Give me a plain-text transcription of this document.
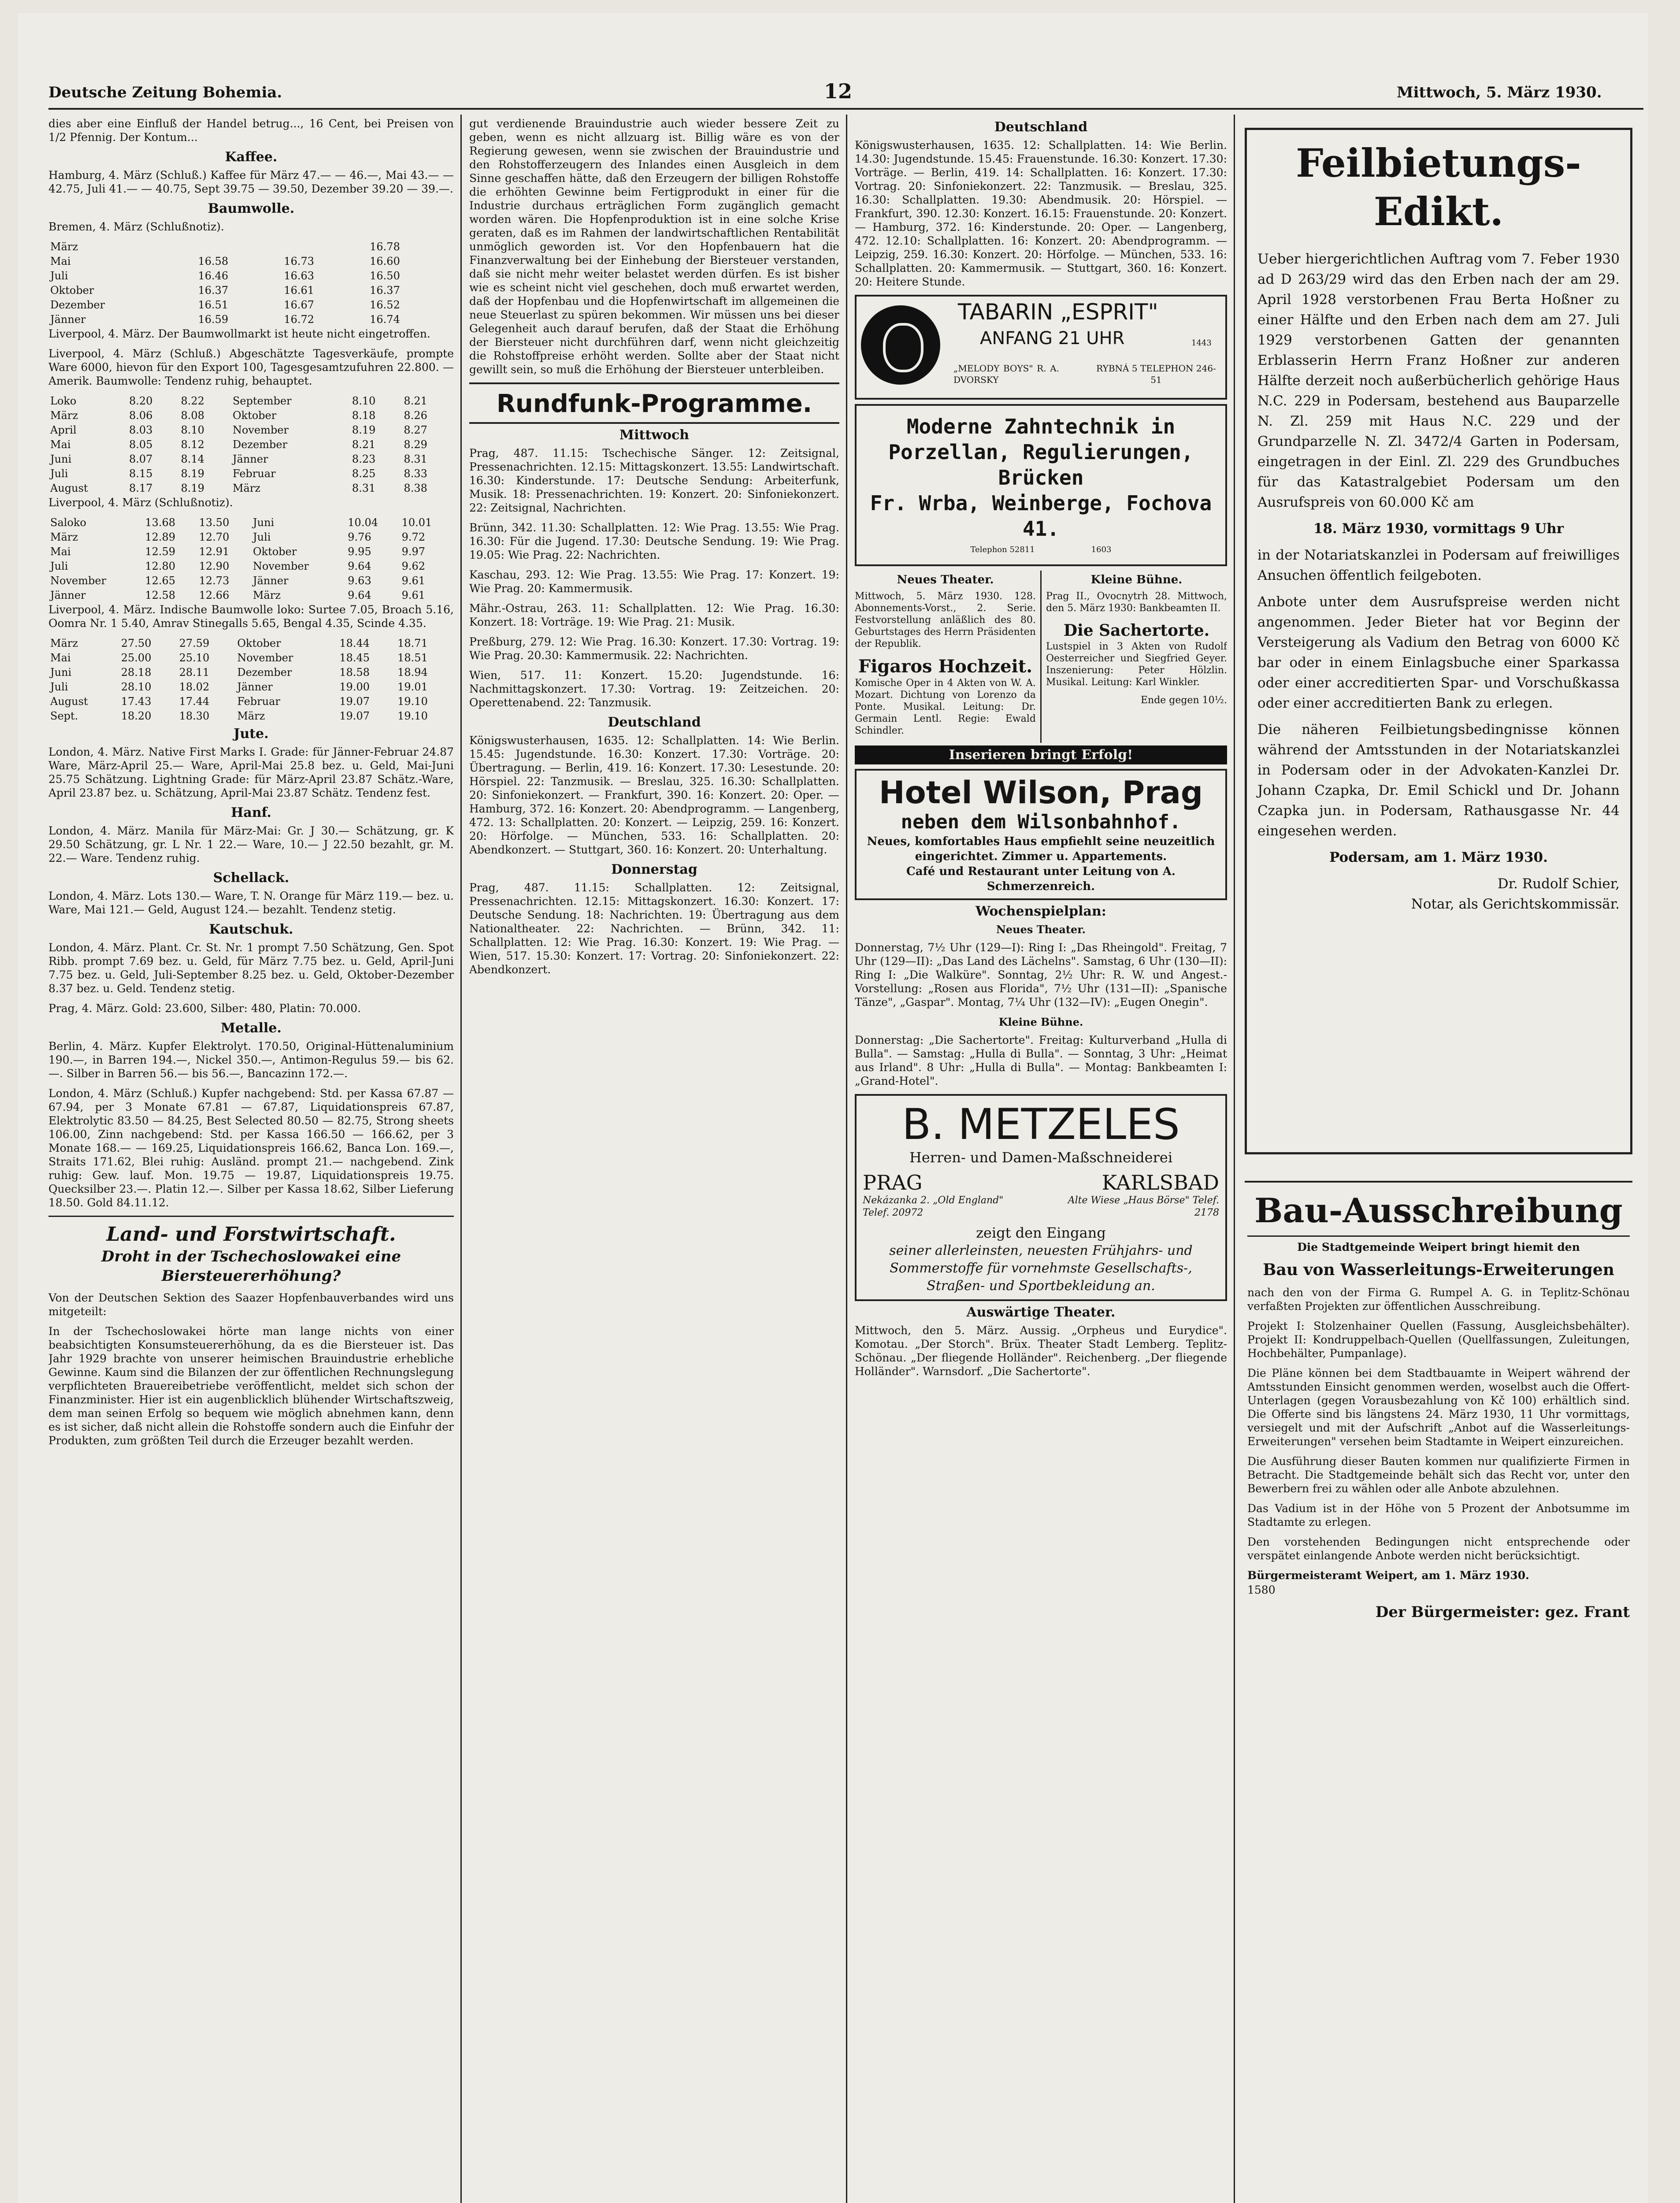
Deutsche Zeitung Bohemia.	12	Mittwoch, 5. März 1930.

dies aber eine Einfluß der Handel betrug..., 16 Cent, bei Preisen von 1/2 Pfennig. Der Kontum...

Kaffee.

Hamburg, 4. März (Schluß.) Kaffee für März 47.— — 46.—, Mai 43.— — 42.75, Juli 41.— — 40.75, Sept 39.75 — 39.50, Dezember 39.20 — 39.—.

Baumwolle.

Bremen, 4. März (Schlußnotiz).

März			16.78
Mai	16.58	16.73	16.60
Juli	16.46	16.63	16.50
Oktober	16.37	16.61	16.37
Dezember	16.51	16.67	16.52
Jänner	16.59	16.72	16.74

Liverpool, 4. März. Der Baumwollmarkt ist heute nicht eingetroffen.

Liverpool, 4. März (Schluß.) Abgeschätzte Tagesverkäufe, prompte Ware 6000, hievon für den Export 100, Tagesgesamtzufuhren 22.800. — Amerik. Baumwolle: Tendenz ruhig, behauptet.

Loko	8.20	8.22	September	8.10	8.21
März	8.06	8.08	Oktober	8.18	8.26
April	8.03	8.10	November	8.19	8.27
Mai	8.05	8.12	Dezember	8.21	8.29
Juni	8.07	8.14	Jänner	8.23	8.31
Juli	8.15	8.19	Februar	8.25	8.33
August	8.17	8.19	März	8.31	8.38

Liverpool, 4. März (Schlußnotiz).

Saloko	13.68	13.50	Juni	10.04	10.01
März	12.89	12.70	Juli	9.76	9.72
Mai	12.59	12.91	Oktober	9.95	9.97
Juli	12.80	12.90	November	9.64	9.62
November	12.65	12.73	Jänner	9.63	9.61
Jänner	12.58	12.66	März	9.64	9.61

Liverpool, 4. März. Indische Baumwolle loko: Surtee 7.05, Broach 5.16, Oomra Nr. 1 5.40, Amrav Stinegalls 5.65, Bengal 4.35, Scinde 4.35.

März	27.50	27.59	Oktober	18.44	18.71
Mai	25.00	25.10	November	18.45	18.51
Juni	28.18	28.11	Dezember	18.58	18.94
Juli	28.10	18.02	Jänner	19.00	19.01
August	17.43	17.44	Februar	19.07	19.10
Sept.	18.20	18.30	März	19.07	19.10
Jute.

London, 4. März. Native First Marks I. Grade: für Jänner-Februar 24.87 Ware, März-April 25.— Ware, April-Mai 25.8 bez. u. Geld, Mai-Juni 25.75 Schätzung. Lightning Grade: für März-April 23.87 Schätz.-Ware, April 23.87 bez. u. Schätzung, April-Mai 23.87 Schätz. Tendenz fest.

Hanf.

London, 4. März. Manila für März-Mai: Gr. J 30.— Schätzung, gr. K 29.50 Schätzung, gr. L Nr. 1 22.— Ware, 10.— J 22.50 bezahlt, gr. M. 22.— Ware. Tendenz ruhig.

Schellack.

London, 4. März. Lots 130.— Ware, T. N. Orange für März 119.— bez. u. Ware, Mai 121.— Geld, August 124.— bezahlt. Tendenz stetig.

Kautschuk.

London, 4. März. Plant. Cr. St. Nr. 1 prompt 7.50 Schätzung, Gen. Spot Ribb. prompt 7.69 bez. u. Geld, für März 7.75 bez. u. Geld, April-Juni 7.75 bez. u. Geld, Juli-September 8.25 bez. u. Geld, Oktober-Dezember 8.37 bez. u. Geld. Tendenz stetig.

Prag, 4. März. Gold: 23.600, Silber: 480, Platin: 70.000.

Metalle.

Berlin, 4. März. Kupfer Elektrolyt. 170.50, Original-Hüttenaluminium 190.—, in Barren 194.—, Nickel 350.—, Antimon-Regulus 59.— bis 62.—. Silber in Barren 56.— bis 56.—, Bancazinn 172.—.

London, 4. März (Schluß.) Kupfer nachgebend: Std. per Kassa 67.87 — 67.94, per 3 Monate 67.81 — 67.87, Liquidationspreis 67.87, Elektrolytic 83.50 — 84.25, Best Selected 80.50 — 82.75, Strong sheets 106.00, Zinn nachgebend: Std. per Kassa 166.50 — 166.62, per 3 Monate 168.— — 169.25, Liquidationspreis 166.62, Banca Lon. 169.—, Straits 171.62, Blei ruhig: Ausländ. prompt 21.— nachgebend. Zink ruhig: Gew. lauf. Mon. 19.75 — 19.87, Liquidationspreis 19.75. Quecksilber 23.—. Platin 12.—. Silber per Kassa 18.62, Silber Lieferung 18.50. Gold 84.11.12.

Land- und Forstwirtschaft.
Droht in der Tschechoslowakei eine Biersteuererhöhung?

Von der Deutschen Sektion des Saazer Hopfenbauverbandes wird uns mitgeteilt:

In der Tschechoslowakei hörte man lange nichts von einer beabsichtigten Konsumsteuererhöhung, da es die Biersteuer ist. Das Jahr 1929 brachte von unserer heimischen Brauindustrie erhebliche Gewinne. Kaum sind die Bilanzen der zur öffentlichen Rechnungslegung verpflichteten Brauereibetriebe veröffentlicht, meldet sich schon der Finanzminister. Hier ist ein augenblicklich blühender Wirtschaftszweig, dem man seinen Erfolg so bequem wie möglich abnehmen kann, denn es ist sicher, daß nicht allein die Rohstoffe sondern auch die Einfuhr der Produkten, zum größten Teil durch die Erzeuger bezahlt werden.

gut verdienende Brauindustrie auch wieder bessere Zeit zu geben, wenn es nicht allzuarg ist. Billig wäre es von der Regierung gewesen, wenn sie zwischen der Brauindustrie und den Rohstofferzeugern des Inlandes einen Ausgleich in dem Sinne geschaffen hätte, daß den Erzeugern der billigen Rohstoffe die erhöhten Gewinne beim Fertigprodukt in einer für die Industrie durchaus erträglichen Form zugänglich gemacht worden wären. Die Hopfenproduktion ist in eine solche Krise geraten, daß es im Rahmen der landwirtschaftlichen Rentabilität unmöglich geworden ist. Vor den Hopfenbauern hat die Finanzverwaltung bei der Einhebung der Biersteuer verstanden, daß sie nicht mehr weiter belastet werden dürfen. Es ist bisher wie es scheint nicht viel geschehen, doch muß erwartet werden, daß der Hopfenbau und die Hopfenwirtschaft im allgemeinen die neue Steuerlast zu spüren bekommen. Wir müssen uns bei dieser Gelegenheit auch darauf berufen, daß der Staat die Erhöhung der Biersteuer nicht durchführen darf, wenn nicht gleichzeitig die Rohstoffpreise erhöht werden. Sollte aber der Staat nicht gewillt sein, so muß die Erhöhung der Biersteuer unterbleiben.

Rundfunk-Programme.
Mittwoch

Prag, 487. 11.15: Tschechische Sänger. 12: Zeitsignal, Pressenachrichten. 12.15: Mittagskonzert. 13.55: Landwirtschaft. 16.30: Kinderstunde. 17: Deutsche Sendung: Arbeiterfunk, Musik. 18: Pressenachrichten. 19: Konzert. 20: Sinfoniekonzert. 22: Zeitsignal, Nachrichten.

Brünn, 342. 11.30: Schallplatten. 12: Wie Prag. 13.55: Wie Prag. 16.30: Für die Jugend. 17.30: Deutsche Sendung. 19: Wie Prag. 19.05: Wie Prag. 22: Nachrichten.

Kaschau, 293. 12: Wie Prag. 13.55: Wie Prag. 17: Konzert. 19: Wie Prag. 20: Kammermusik.

Mähr.-Ostrau, 263. 11: Schallplatten. 12: Wie Prag. 16.30: Konzert. 18: Vorträge. 19: Wie Prag. 21: Musik.

Preßburg, 279. 12: Wie Prag. 16.30: Konzert. 17.30: Vortrag. 19: Wie Prag. 20.30: Kammermusik. 22: Nachrichten.

Wien, 517. 11: Konzert. 15.20: Jugendstunde. 16: Nachmittagskonzert. 17.30: Vortrag. 19: Zeitzeichen. 20: Operettenabend. 22: Tanzmusik.

Deutschland

Königswusterhausen, 1635. 12: Schallplatten. 14: Wie Berlin. 15.45: Jugendstunde. 16.30: Konzert. 17.30: Vorträge. 20: Übertragung. — Berlin, 419. 16: Konzert. 17.30: Lesestunde. 20: Hörspiel. 22: Tanzmusik. — Breslau, 325. 16.30: Schallplatten. 20: Sinfoniekonzert. — Frankfurt, 390. 16: Konzert. 20: Oper. — Hamburg, 372. 16: Konzert. 20: Abendprogramm. — Langenberg, 472. 13: Schallplatten. 20: Konzert. — Leipzig, 259. 16: Konzert. 20: Hörfolge. — München, 533. 16: Schallplatten. 20: Abendkonzert. — Stuttgart, 360. 16: Konzert. 20: Unterhaltung.

Donnerstag

Prag, 487. 11.15: Schallplatten. 12: Zeitsignal, Pressenachrichten. 12.15: Mittagskonzert. 16.30: Konzert. 17: Deutsche Sendung. 18: Nachrichten. 19: Übertragung aus dem Nationaltheater. 22: Nachrichten. — Brünn, 342. 11: Schallplatten. 12: Wie Prag. 16.30: Konzert. 19: Wie Prag. — Wien, 517. 15.30: Konzert. 17: Vortrag. 20: Sinfoniekonzert. 22: Abendkonzert.

Deutschland

Königswusterhausen, 1635. 12: Schallplatten. 14: Wie Berlin. 14.30: Jugendstunde. 15.45: Frauenstunde. 16.30: Konzert. 17.30: Vorträge. — Berlin, 419. 14: Schallplatten. 16: Konzert. 17.30: Vortrag. 20: Sinfoniekonzert. 22: Tanzmusik. — Breslau, 325. 16.30: Schallplatten. 19.30: Abendmusik. 20: Hörspiel. — Frankfurt, 390. 12.30: Konzert. 16.15: Frauenstunde. 20: Konzert. — Hamburg, 372. 16: Kinderstunde. 20: Oper. — Langenberg, 472. 12.10: Schallplatten. 16: Konzert. 20: Abendprogramm. — Leipzig, 259. 16.30: Konzert. 20: Hörfolge. — München, 533. 16: Schallplatten. 20: Kammermusik. — Stuttgart, 360. 16: Konzert. 20: Heitere Stunde.

TABARIN „ESPRIT"
ANFANG 21 UHR	1443
„MELODY BOYS" R. A. DVORSKY
RYBNÁ 5 TELEPHON 246-51
Moderne Zahntechnik in Porzellan, Regulierungen, Brücken
Fr. Wrba, Weinberge, Fochova 41.
Telephon 52811	1603
Neues Theater.

Mittwoch, 5. März 1930. 128. Abonnements-Vorst., 2. Serie. Festvorstellung anläßlich des 80. Geburtstages des Herrn Präsidenten der Republik.

Figaros Hochzeit.

Komische Oper in 4 Akten von W. A. Mozart. Dichtung von Lorenzo da Ponte. Musikal. Leitung: Dr. Germain Lentl. Regie: Ewald Schindler.

Kleine Bühne.

Prag II., Ovocnytrh 28. Mittwoch, den 5. März 1930: Bankbeamten II.

Die Sachertorte.

Lustspiel in 3 Akten von Rudolf Oesterreicher und Siegfried Geyer. Inszenierung: Peter Hölzlin. Musikal. Leitung: Karl Winkler.

Ende gegen 10½.

Inserieren bringt Erfolg!
Hotel Wilson, Prag
neben dem Wilsonbahnhof.
Neues, komfortables Haus empfiehlt seine neuzeitlich eingerichtet. Zimmer u. Appartements.
Café und Restaurant unter Leitung von A. Schmerzenreich.
Wochenspielplan:
Neues Theater.

Donnerstag, 7½ Uhr (129—I): Ring I: „Das Rheingold". Freitag, 7 Uhr (129—II): „Das Land des Lächelns". Samstag, 6 Uhr (130—II): Ring I: „Die Walküre". Sonntag, 2½ Uhr: R. W. und Angest.-Vorstellung: „Rosen aus Florida", 7½ Uhr (131—II): „Spanische Tänze", „Gaspar". Montag, 7¼ Uhr (132—IV): „Eugen Onegin".

Kleine Bühne.

Donnerstag: „Die Sachertorte". Freitag: Kulturverband „Hulla di Bulla". — Samstag: „Hulla di Bulla". — Sonntag, 3 Uhr: „Heimat aus Irland". 8 Uhr: „Hulla di Bulla". — Montag: Bankbeamten I: „Grand-Hotel".

B. METZELES
Herren- und Damen-Maßschneiderei
PRAG
Nekázanka 2. „Old England" Telef. 20972
KARLSBAD
Alte Wiese „Haus Börse" Telef. 2178
zeigt den Eingang
seiner allerleinsten, neuesten Frühjahrs- und Sommerstoffe für vornehmste Gesellschafts-, Straßen- und Sportbekleidung an.
Auswärtige Theater.

Mittwoch, den 5. März. Aussig. „Orpheus und Eurydice". Komotau. „Der Storch". Brüx. Theater Stadt Lemberg. Teplitz-Schönau. „Der fliegende Holländer". Reichenberg. „Der fliegende Holländer". Warnsdorf. „Die Sachertorte".

Feilbietungs-Edikt.

Ueber hiergerichtlichen Auftrag vom 7. Feber 1930 ad D 263/29 wird das den Erben nach der am 29. April 1928 verstorbenen Frau Berta Hoßner zu einer Hälfte und den Erben nach dem am 27. Juli 1929 verstorbenen Gatten der genannten Erblasserin Herrn Franz Hoßner zur anderen Hälfte derzeit noch außerbücherlich gehörige Haus N.C. 229 in Podersam, bestehend aus Bauparzelle N. Zl. 259 mit Haus N.C. 229 und der Grundparzelle N. Zl. 3472/4 Garten in Podersam, eingetragen in der Einl. Zl. 229 des Grundbuches für das Katastralgebiet Podersam um den Ausrufspreis von 60.000 Kč am

18. März 1930, vormittags 9 Uhr

in der Notariatskanzlei in Podersam auf freiwilliges Ansuchen öffentlich feilgeboten.

Anbote unter dem Ausrufspreise werden nicht angenommen. Jeder Bieter hat vor Beginn der Versteigerung als Vadium den Betrag von 6000 Kč bar oder in einem Einlagsbuche einer Sparkassa oder einer accreditierten Spar- und Vorschußkassa oder einer accreditierten Bank zu erlegen.

Die näheren Feilbietungsbedingnisse können während der Amtsstunden in der Notariatskanzlei in Podersam oder in der Advokaten-Kanzlei Dr. Johann Czapka, Dr. Emil Schickl und Dr. Johann Czapka jun. in Podersam, Rathausgasse Nr. 44 eingesehen werden.

Podersam, am 1. März 1930.

Dr. Rudolf Schier,

Notar, als Gerichtskommissär.

Bau-Ausschreibung

Die Stadtgemeinde Weipert bringt hiemit den

Bau von Wasserleitungs-Erweiterungen

nach den von der Firma G. Rumpel A. G. in Teplitz-Schönau verfaßten Projekten zur öffentlichen Ausschreibung.

Projekt I: Stolzenhainer Quellen (Fassung, Ausgleichsbehälter). Projekt II: Kondruppelbach-Quellen (Quellfassungen, Zuleitungen, Hochbehälter, Pumpanlage).

Die Pläne können bei dem Stadtbauamte in Weipert während der Amtsstunden Einsicht genommen werden, woselbst auch die Offert-Unterlagen (gegen Vorausbezahlung von Kč 100) erhältlich sind. Die Offerte sind bis längstens 24. März 1930, 11 Uhr vormittags, versiegelt und mit der Aufschrift „Anbot auf die Wasserleitungs-Erweiterungen" versehen beim Stadtamte in Weipert einzureichen.

Die Ausführung dieser Bauten kommen nur qualifizierte Firmen in Betracht. Die Stadtgemeinde behält sich das Recht vor, unter den Bewerbern frei zu wählen oder alle Anbote abzulehnen.

Das Vadium ist in der Höhe von 5 Prozent der Anbotsumme im Stadtamte zu erlegen.

Den vorstehenden Bedingungen nicht entsprechende oder verspätet einlangende Anbote werden nicht berücksichtigt.

Bürgermeisteramt Weipert, am 1. März 1930.

1580

Der Bürgermeister: gez. Frant
